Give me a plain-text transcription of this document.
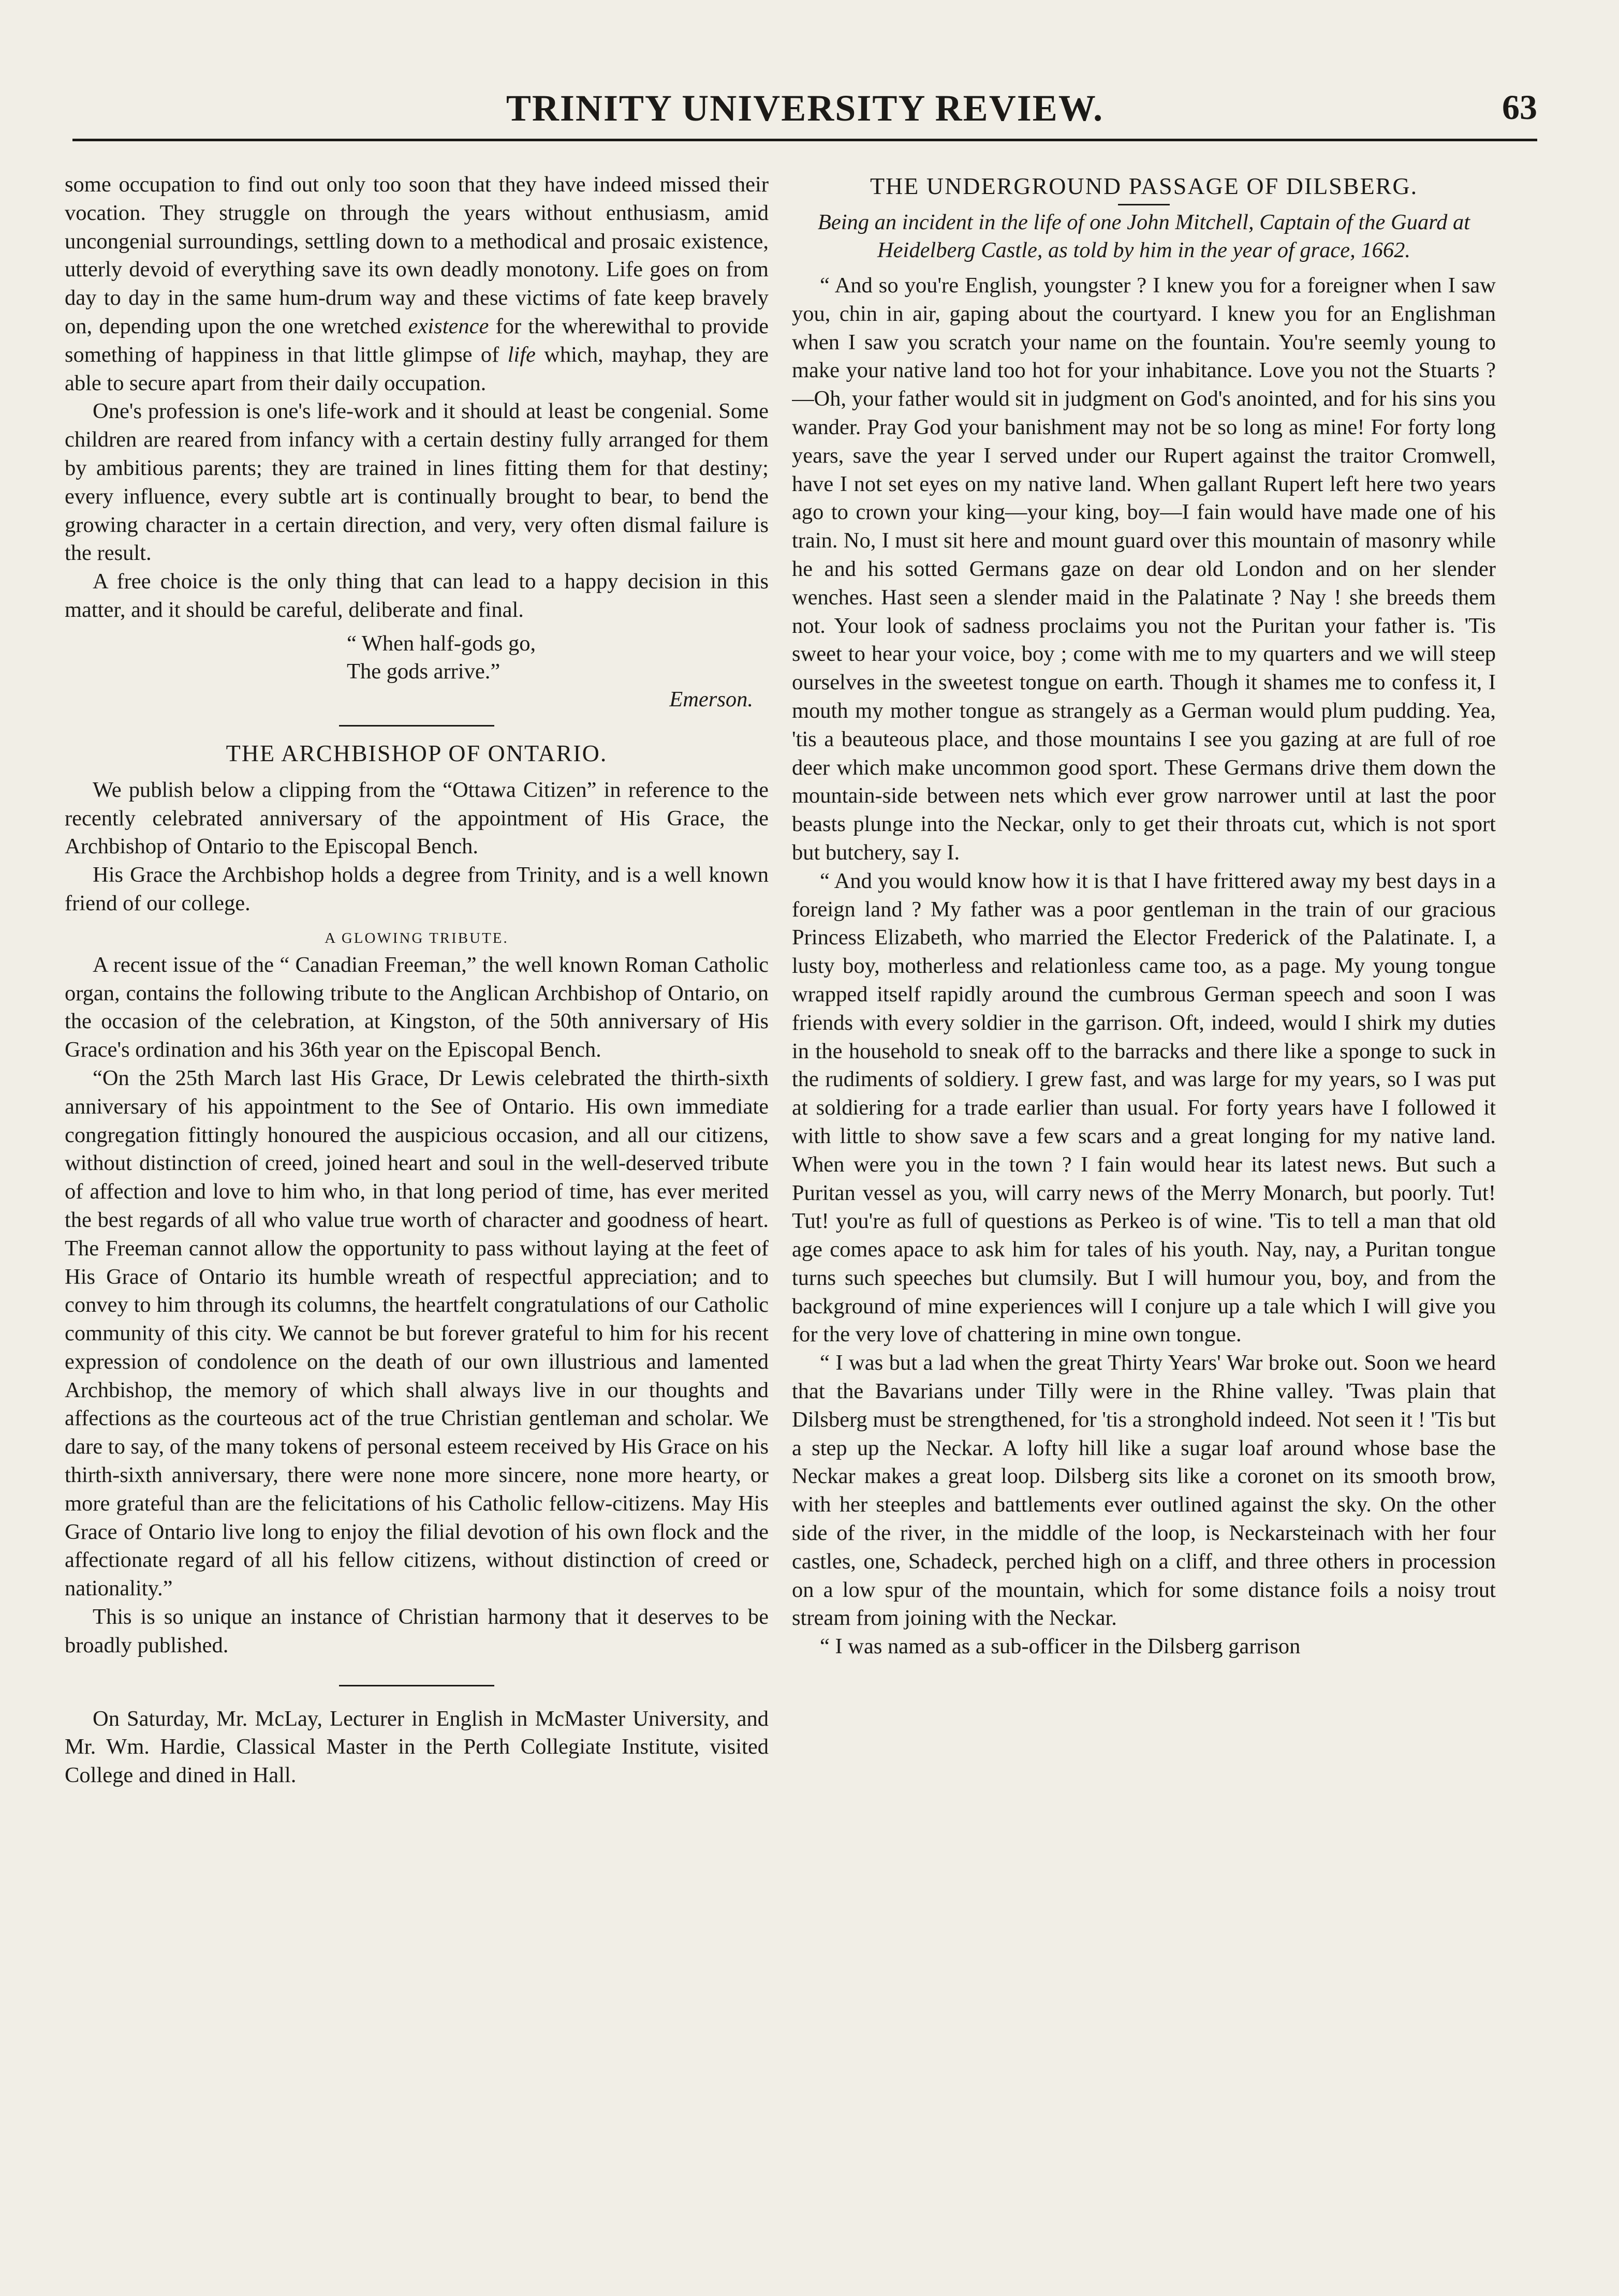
TRINITY UNIVERSITY REVIEW.	63

some occupation to find out only too soon that they have indeed missed their vocation. They struggle on through the years without enthusiasm, amid uncongenial surroundings, settling down to a methodical and prosaic existence, utterly devoid of everything save its own deadly monotony. Life goes on from day to day in the same hum-drum way and these victims of fate keep bravely on, depending upon the one wretched existence for the wherewithal to provide something of happiness in that little glimpse of life which, mayhap, they are able to secure apart from their daily occupation.

One's profession is one's life-work and it should at least be congenial. Some children are reared from infancy with a certain destiny fully arranged for them by ambitious parents; they are trained in lines fitting them for that destiny; every influence, every subtle art is continually brought to bear, to bend the growing character in a certain direction, and very, very often dismal failure is the result.

A free choice is the only thing that can lead to a happy decision in this matter, and it should be careful, deliberate and final.

“ When half-gods go,
The gods arrive.”
Emerson.
THE ARCHBISHOP OF ONTARIO.

We publish below a clipping from the “Ottawa Citizen” in reference to the recently celebrated anniversary of the appointment of His Grace, the Archbishop of Ontario to the Episcopal Bench.

His Grace the Archbishop holds a degree from Trinity, and is a well known friend of our college.

A GLOWING TRIBUTE.

A recent issue of the “ Canadian Freeman,” the well known Roman Catholic organ, contains the following tribute to the Anglican Archbishop of Ontario, on the occasion of the celebration, at Kingston, of the 50th anniversary of His Grace's ordination and his 36th year on the Episcopal Bench.

“On the 25th March last His Grace, Dr Lewis celebrated the thirth-sixth anniversary of his appointment to the See of Ontario. His own immediate congregation fittingly honoured the auspicious occasion, and all our citizens, without distinction of creed, joined heart and soul in the well-deserved tribute of affection and love to him who, in that long period of time, has ever merited the best regards of all who value true worth of character and goodness of heart. The Freeman cannot allow the opportunity to pass without laying at the feet of His Grace of Ontario its humble wreath of respectful appreciation; and to convey to him through its columns, the heartfelt congratulations of our Catholic community of this city. We cannot be but forever grateful to him for his recent expression of condolence on the death of our own illustrious and lamented Archbishop, the memory of which shall always live in our thoughts and affections as the courteous act of the true Christian gentleman and scholar. We dare to say, of the many tokens of personal esteem received by His Grace on his thirth-sixth anniversary, there were none more sincere, none more hearty, or more grateful than are the felicitations of his Catholic fellow-citizens. May His Grace of Ontario live long to enjoy the filial devotion of his own flock and the affectionate regard of all his fellow citizens, without distinction of creed or nationality.”

This is so unique an instance of Christian harmony that it deserves to be broadly published.

On Saturday, Mr. McLay, Lecturer in English in McMaster University, and Mr. Wm. Hardie, Classical Master in the Perth Collegiate Institute, visited College and dined in Hall.

THE UNDERGROUND PASSAGE OF DILSBERG.

Being an incident in the life of one John Mitchell, Captain of the Guard at Heidelberg Castle, as told by him in the year of grace, 1662.

“ And so you're English, youngster ? I knew you for a foreigner when I saw you, chin in air, gaping about the courtyard. I knew you for an Englishman when I saw you scratch your name on the fountain. You're seemly young to make your native land too hot for your inhabitance. Love you not the Stuarts ?—Oh, your father would sit in judgment on God's anointed, and for his sins you wander. Pray God your banishment may not be so long as mine! For forty long years, save the year I served under our Rupert against the traitor Cromwell, have I not set eyes on my native land. When gallant Rupert left here two years ago to crown your king—your king, boy—I fain would have made one of his train. No, I must sit here and mount guard over this mountain of masonry while he and his sotted Germans gaze on dear old London and on her slender wenches. Hast seen a slender maid in the Palatinate ? Nay ! she breeds them not. Your look of sadness proclaims you not the Puritan your father is. 'Tis sweet to hear your voice, boy ; come with me to my quarters and we will steep ourselves in the sweetest tongue on earth. Though it shames me to confess it, I mouth my mother tongue as strangely as a German would plum pudding. Yea, 'tis a beauteous place, and those mountains I see you gazing at are full of roe deer which make uncommon good sport. These Germans drive them down the mountain-side between nets which ever grow narrower until at last the poor beasts plunge into the Neckar, only to get their throats cut, which is not sport but butchery, say I.

“ And you would know how it is that I have frittered away my best days in a foreign land ? My father was a poor gentleman in the train of our gracious Princess Elizabeth, who married the Elector Frederick of the Palatinate. I, a lusty boy, motherless and relationless came too, as a page. My young tongue wrapped itself rapidly around the cumbrous German speech and soon I was friends with every soldier in the garrison. Oft, indeed, would I shirk my duties in the household to sneak off to the barracks and there like a sponge to suck in the rudiments of soldiery. I grew fast, and was large for my years, so I was put at soldiering for a trade earlier than usual. For forty years have I followed it with little to show save a few scars and a great longing for my native land. When were you in the town ? I fain would hear its latest news. But such a Puritan vessel as you, will carry news of the Merry Monarch, but poorly. Tut! Tut! you're as full of questions as Perkeo is of wine. 'Tis to tell a man that old age comes apace to ask him for tales of his youth. Nay, nay, a Puritan tongue turns such speeches but clumsily. But I will humour you, boy, and from the background of mine experiences will I conjure up a tale which I will give you for the very love of chattering in mine own tongue.

“ I was but a lad when the great Thirty Years' War broke out. Soon we heard that the Bavarians under Tilly were in the Rhine valley. 'Twas plain that Dilsberg must be strengthened, for 'tis a stronghold indeed. Not seen it ! 'Tis but a step up the Neckar. A lofty hill like a sugar loaf around whose base the Neckar makes a great loop. Dilsberg sits like a coronet on its smooth brow, with her steeples and battlements ever outlined against the sky. On the other side of the river, in the middle of the loop, is Neckarsteinach with her four castles, one, Schadeck, perched high on a cliff, and three others in procession on a low spur of the mountain, which for some distance foils a noisy trout stream from joining with the Neckar.

“ I was named as a sub-officer in the Dilsberg garrison
